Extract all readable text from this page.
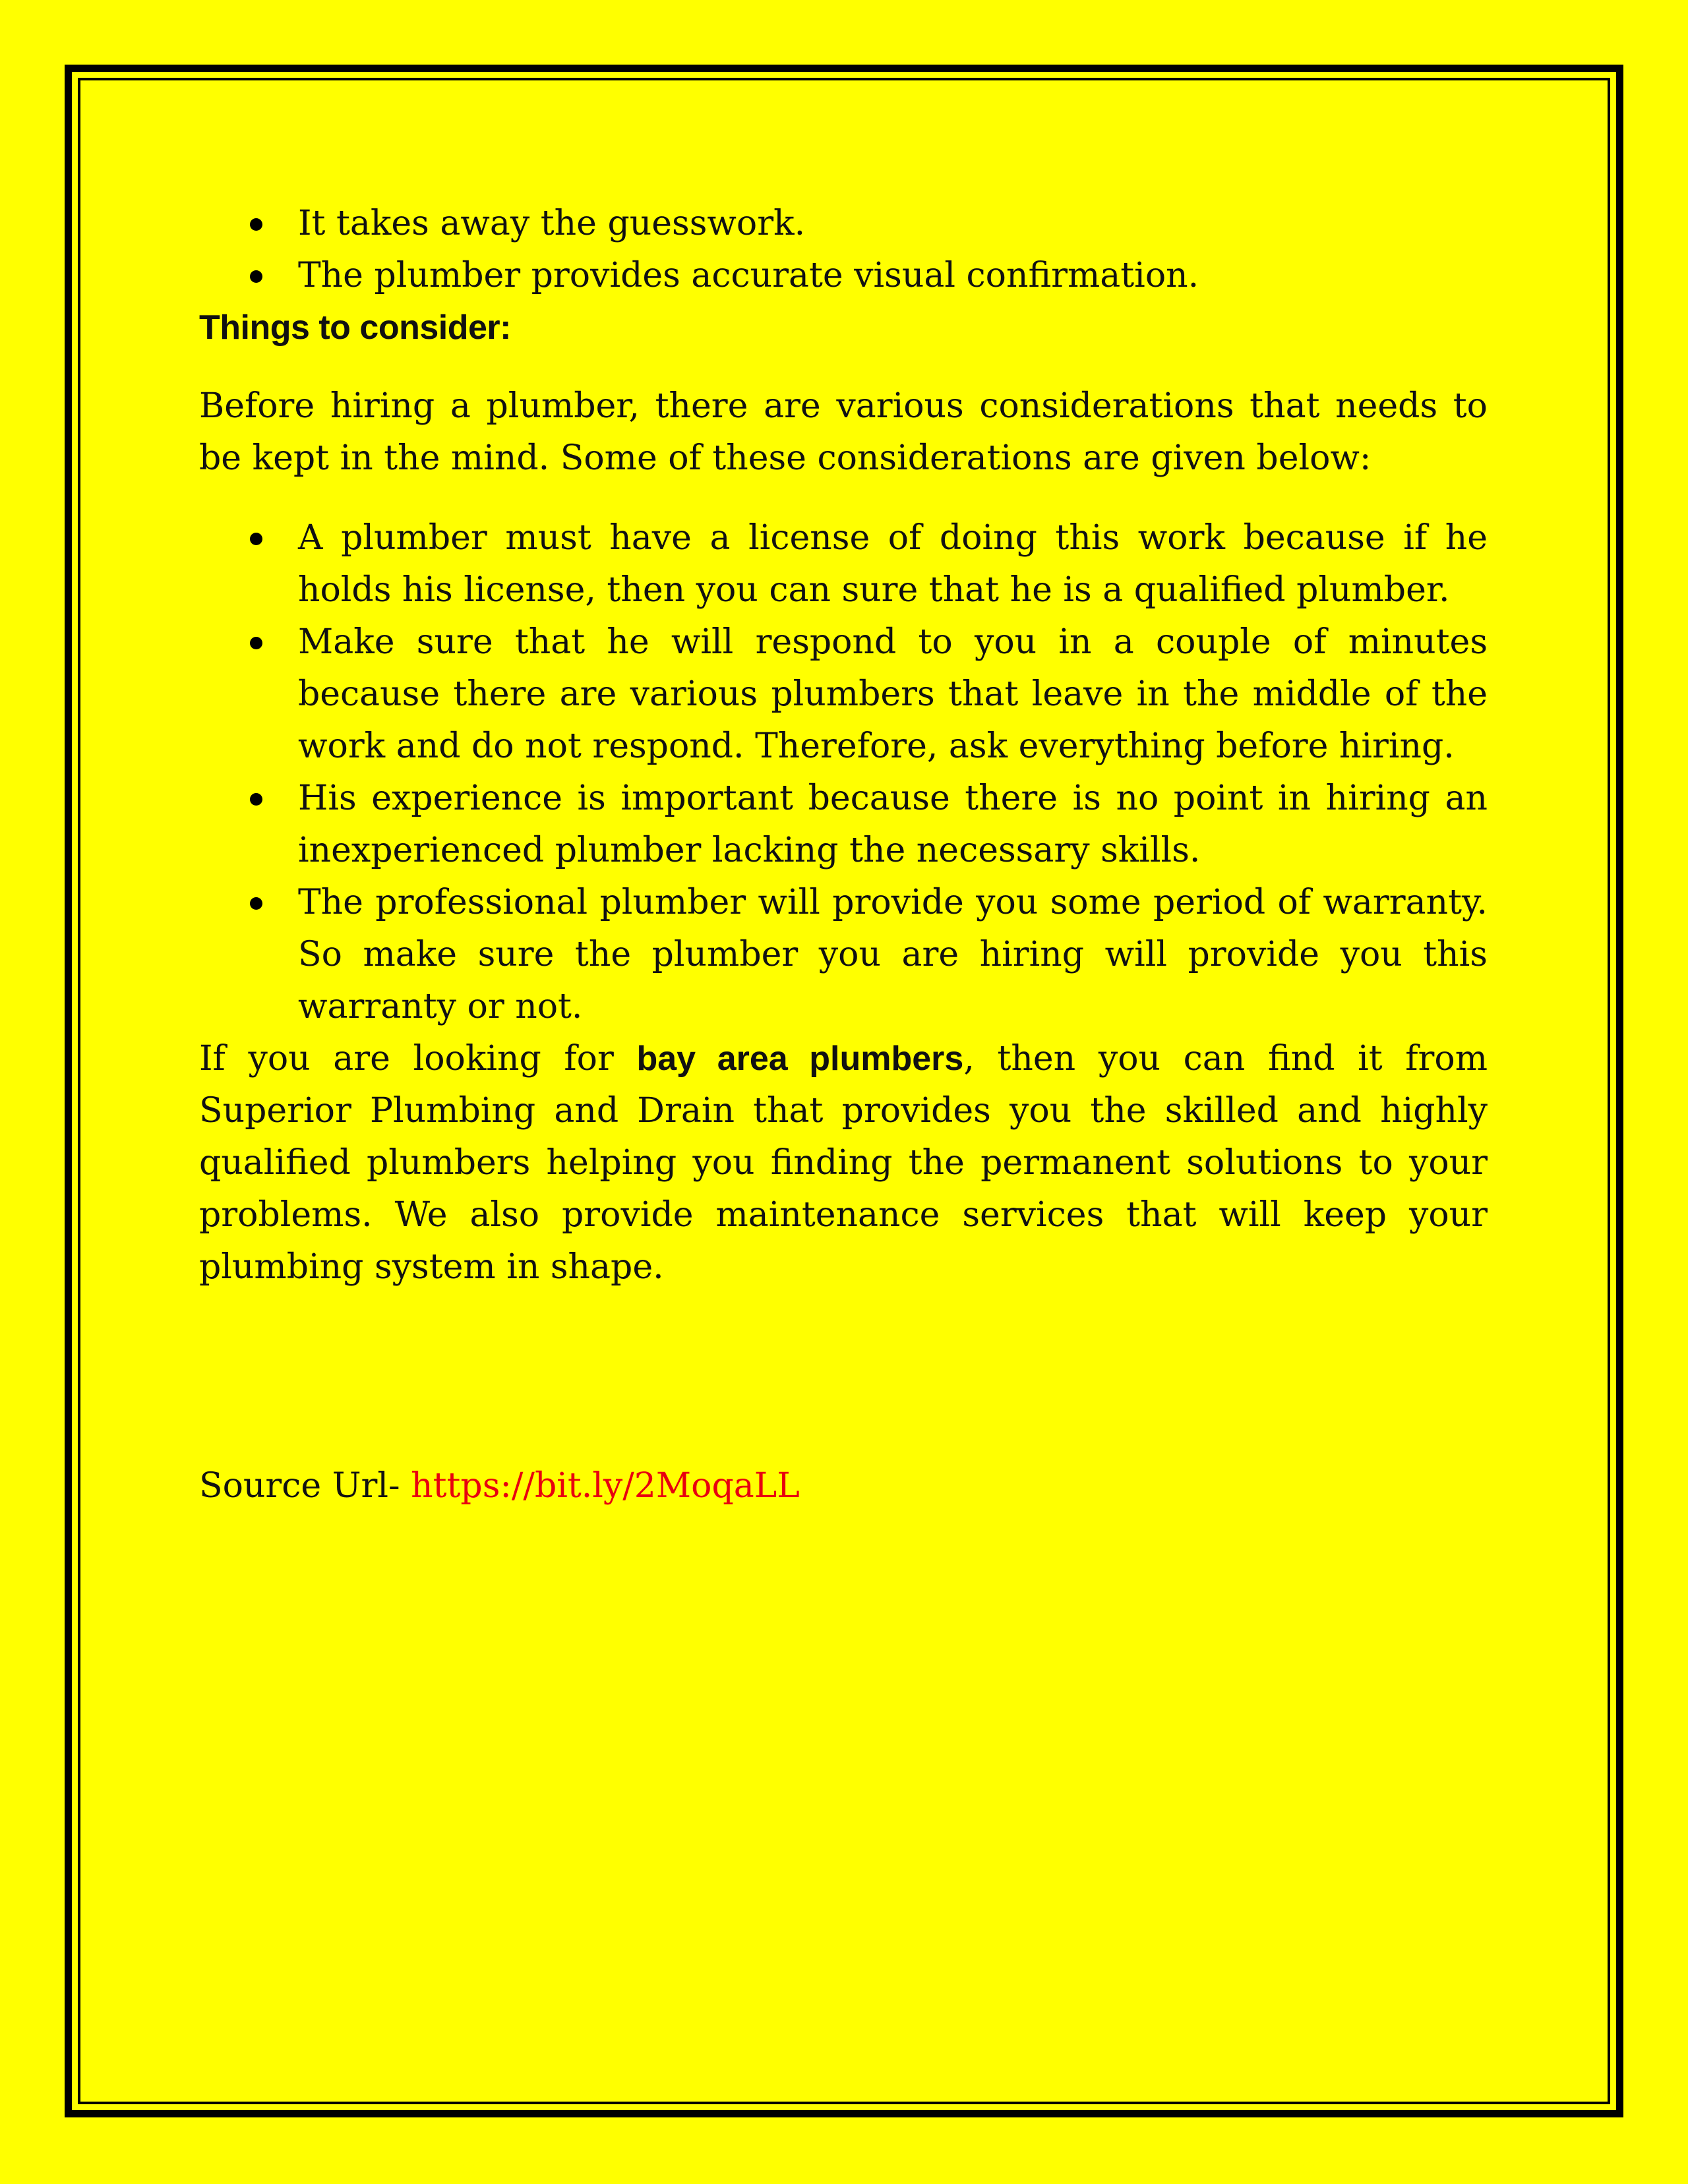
It takes away the guesswork.
The plumber provides accurate visual confirmation.
Things to consider:

Before hiring a plumber, there are various considerations that needs to be kept in the mind. Some of these considerations are given below:

A plumber must have a license of doing this work because if he holds his license, then you can sure that he is a qualified plumber.
Make sure that he will respond to you in a couple of minutes because there are various plumbers that leave in the middle of the work and do not respond. Therefore, ask everything before hiring.
His experience is important because there is no point in hiring an inexperienced plumber lacking the necessary skills.
The professional plumber will provide you some period of warranty. So make sure the plumber you are hiring will provide you this warranty or not.

If you are looking for bay area plumbers, then you can find it from Superior Plumbing and Drain that provides you the skilled and highly qualified plumbers helping you finding the permanent solutions to your problems. We also provide maintenance services that will keep your plumbing system in shape.

Source Url- https://bit.ly/2MoqaLL
